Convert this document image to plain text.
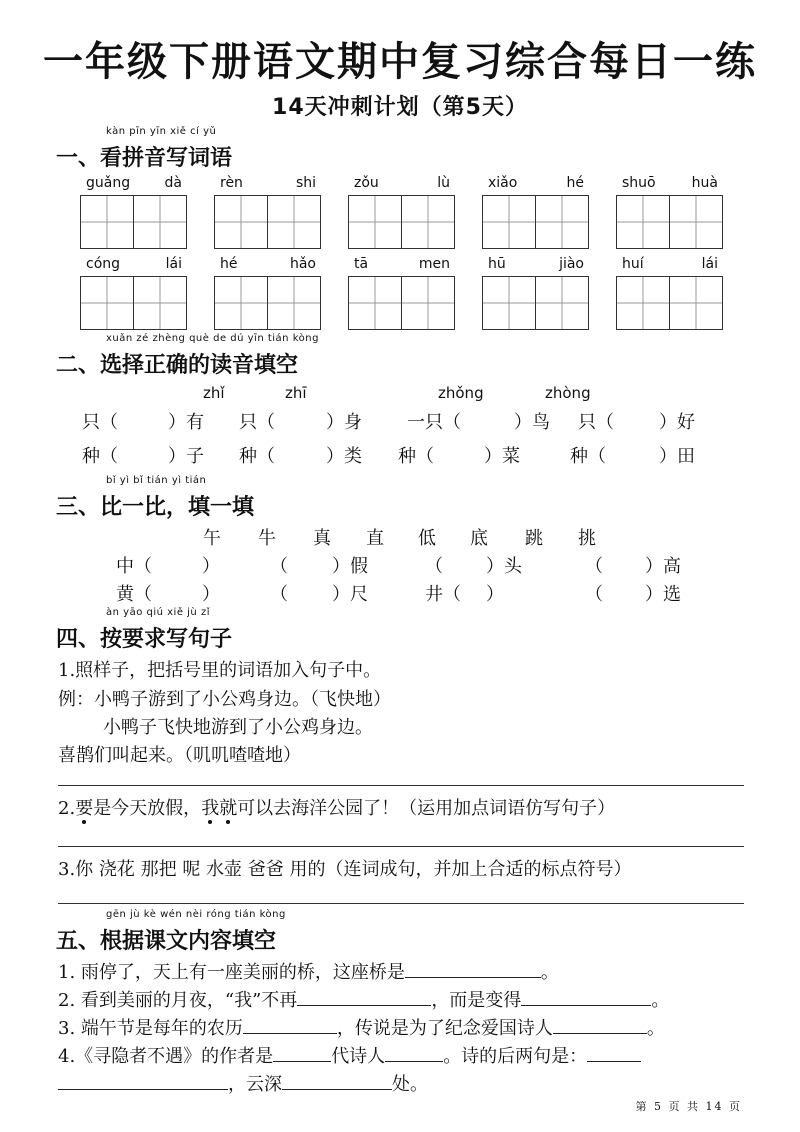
一年级下册语文期中复习综合每日一练
14天冲刺计划（第5天）
kàn pīn yīn xiě cí yǔ
一、看拼音写词语
guǎng dà	rèn	shi	zǒu	lù	xiǎo	hé	shuō	huà
cóng	lái	hé	hǎo	tā	men	hū	jiào	huí	lái
xuǎn zé zhèng què de dú yīn tián kòng
二、选择正确的读音填空
zhǐ	zhī	zhǒng	zhòng
只（	）有 只（	）身	一只（	）鸟 只（	）好
种（	）子 种（	）类 种（	）菜	种（	）田
bǐ yì bǐ tián yì tián
三、比一比，填一填
午 牛 真 直 低 底 跳 挑
中（	）	（ ）假	（ ）头	（ ）高
黄（	）	（ ）尺	井（ ）	（ ）选
àn yāo qiú xiě jù zǐ
四、按要求写句子
1.照样子，把括号里的词语加入句子中。
例：小鸭子游到了小公鸡身边。（飞快地）
小鸭子飞快地游到了小公鸡身边。
喜鹊们叫起来。（叽叽喳喳地）
2.要是今天放假，我就可以去海洋公园了！（运用加点词语仿写句子）
3.你 浇花 那把 呢 水壶 爸爸 用的（连词成句，并加上合适的标点符号）
gēn jù kè wén nèi róng tián kòng
五、根据课文内容填空
1. 雨停了，天上有一座美丽的桥，这座桥是	。
2. 看到美丽的月夜，“我”不再	，而是变得	。
3. 端午节是每年的农历	，传说是为了纪念爱国诗人	。
4.《寻隐者不遇》的作者是	代诗人	。诗的后两句是：
，云深	处。
第 5 页 共 14 页
